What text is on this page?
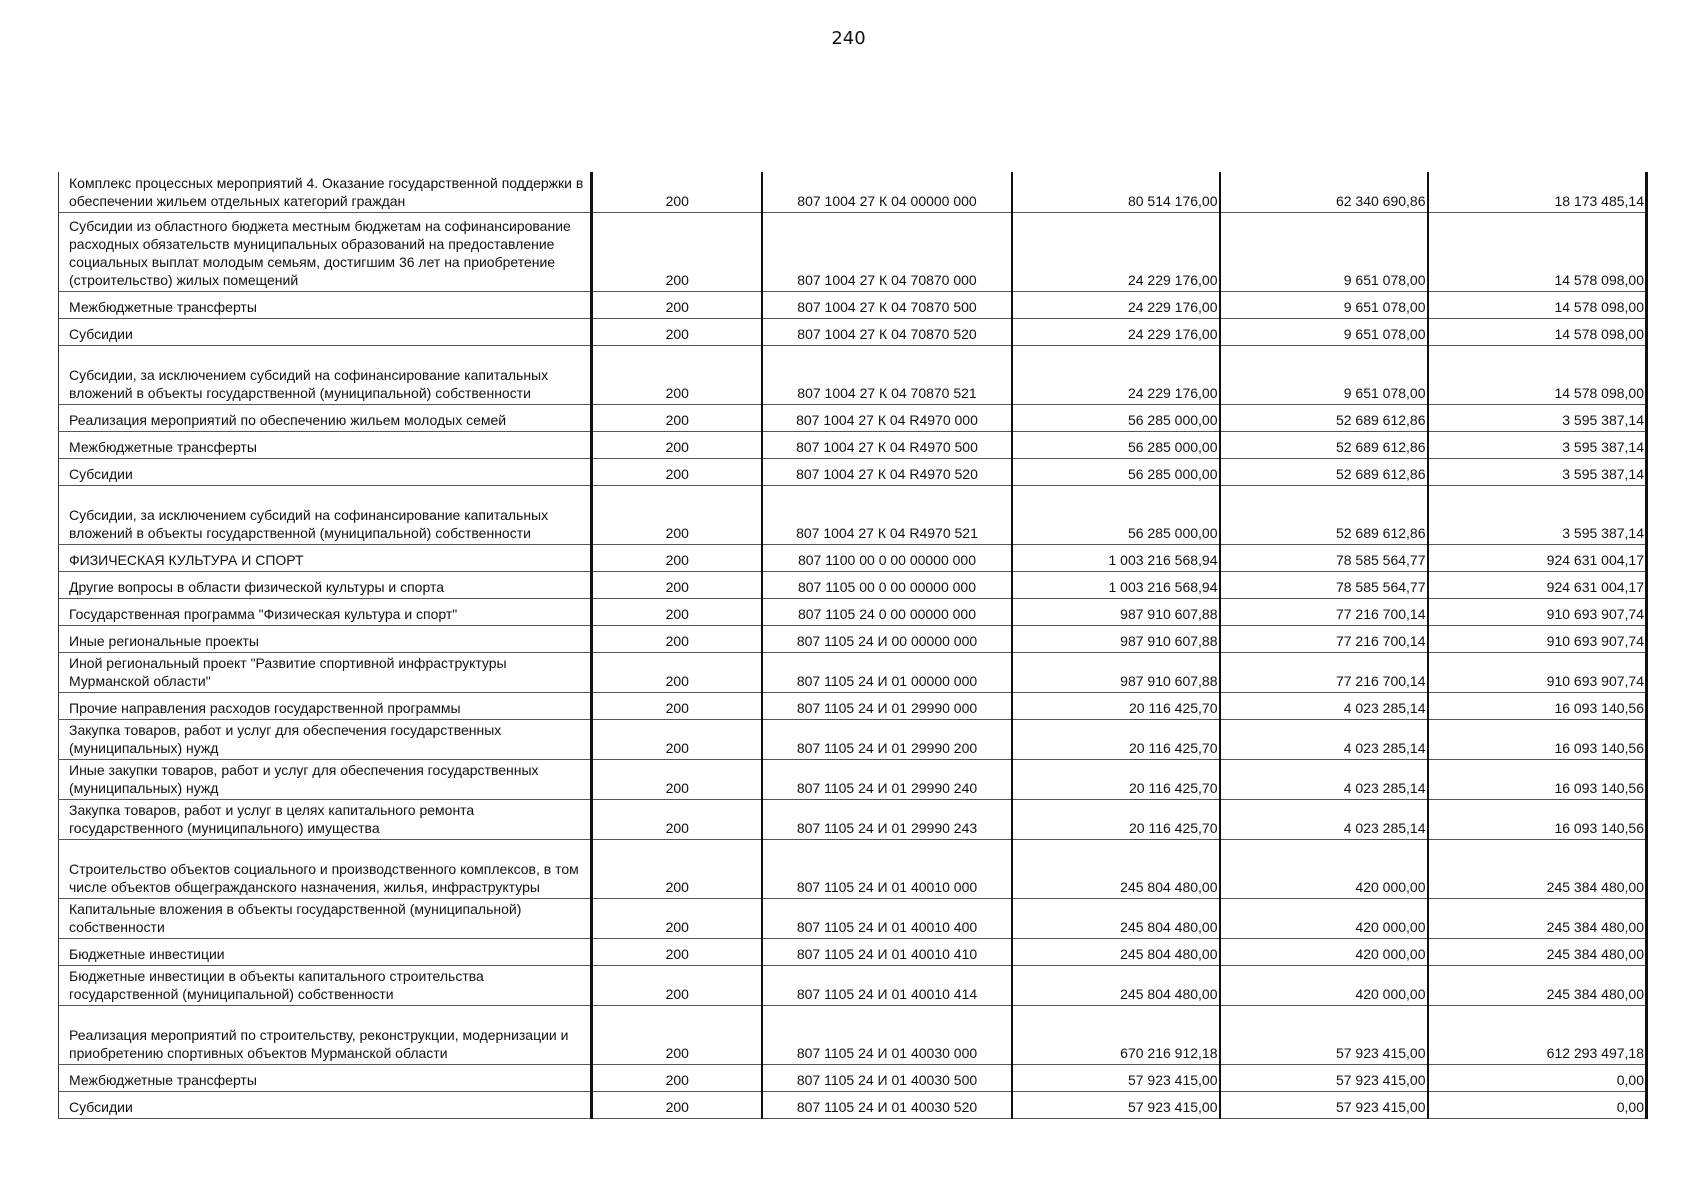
240
Комплекс процессных мероприятий 4. Оказание государственной поддержки в обеспечении жильем отдельных категорий граждан	200	807 1004 27 К 04 00000 000	80 514 176,00	62 340 690,86	18 173 485,14
Субсидии из областного бюджета местным бюджетам на софинансирование расходных обязательств муниципальных образований на предоставление социальных выплат молодым семьям, достигшим 36 лет на приобретение (строительство) жилых помещений	200	807 1004 27 К 04 70870 000	24 229 176,00	9 651 078,00	14 578 098,00
Межбюджетные трансферты	200	807 1004 27 К 04 70870 500	24 229 176,00	9 651 078,00	14 578 098,00
Субсидии	200	807 1004 27 К 04 70870 520	24 229 176,00	9 651 078,00	14 578 098,00
Субсидии, за исключением субсидий на софинансирование капитальных вложений в объекты государственной (муниципальной) собственности	200	807 1004 27 К 04 70870 521	24 229 176,00	9 651 078,00	14 578 098,00
Реализация мероприятий по обеспечению жильем молодых семей	200	807 1004 27 К 04 R4970 000	56 285 000,00	52 689 612,86	3 595 387,14
Межбюджетные трансферты	200	807 1004 27 К 04 R4970 500	56 285 000,00	52 689 612,86	3 595 387,14
Субсидии	200	807 1004 27 К 04 R4970 520	56 285 000,00	52 689 612,86	3 595 387,14
Субсидии, за исключением субсидий на софинансирование капитальных вложений в объекты государственной (муниципальной) собственности	200	807 1004 27 К 04 R4970 521	56 285 000,00	52 689 612,86	3 595 387,14
ФИЗИЧЕСКАЯ КУЛЬТУРА И СПОРТ	200	807 1100 00 0 00 00000 000	1 003 216 568,94	78 585 564,77	924 631 004,17
Другие вопросы в области физической культуры и спорта	200	807 1105 00 0 00 00000 000	1 003 216 568,94	78 585 564,77	924 631 004,17
Государственная программа "Физическая культура и спорт"	200	807 1105 24 0 00 00000 000	987 910 607,88	77 216 700,14	910 693 907,74
Иные региональные проекты	200	807 1105 24 И 00 00000 000	987 910 607,88	77 216 700,14	910 693 907,74
Иной региональный проект "Развитие спортивной инфраструктуры Мурманской области"	200	807 1105 24 И 01 00000 000	987 910 607,88	77 216 700,14	910 693 907,74
Прочие направления расходов государственной программы	200	807 1105 24 И 01 29990 000	20 116 425,70	4 023 285,14	16 093 140,56
Закупка товаров, работ и услуг для обеспечения государственных (муниципальных) нужд	200	807 1105 24 И 01 29990 200	20 116 425,70	4 023 285,14	16 093 140,56
Иные закупки товаров, работ и услуг для обеспечения государственных (муниципальных) нужд	200	807 1105 24 И 01 29990 240	20 116 425,70	4 023 285,14	16 093 140,56
Закупка товаров, работ и услуг в целях капитального ремонта государственного (муниципального) имущества	200	807 1105 24 И 01 29990 243	20 116 425,70	4 023 285,14	16 093 140,56
Строительство объектов социального и производственного комплексов, в том числе объектов общегражданского назначения, жилья, инфраструктуры	200	807 1105 24 И 01 40010 000	245 804 480,00	420 000,00	245 384 480,00
Капитальные вложения в объекты государственной (муниципальной) собственности	200	807 1105 24 И 01 40010 400	245 804 480,00	420 000,00	245 384 480,00
Бюджетные инвестиции	200	807 1105 24 И 01 40010 410	245 804 480,00	420 000,00	245 384 480,00
Бюджетные инвестиции в объекты капитального строительства государственной (муниципальной) собственности	200	807 1105 24 И 01 40010 414	245 804 480,00	420 000,00	245 384 480,00
Реализация мероприятий по строительству, реконструкции, модернизации и приобретению спортивных объектов Мурманской области	200	807 1105 24 И 01 40030 000	670 216 912,18	57 923 415,00	612 293 497,18
Межбюджетные трансферты	200	807 1105 24 И 01 40030 500	57 923 415,00	57 923 415,00	0,00
Субсидии	200	807 1105 24 И 01 40030 520	57 923 415,00	57 923 415,00	0,00
